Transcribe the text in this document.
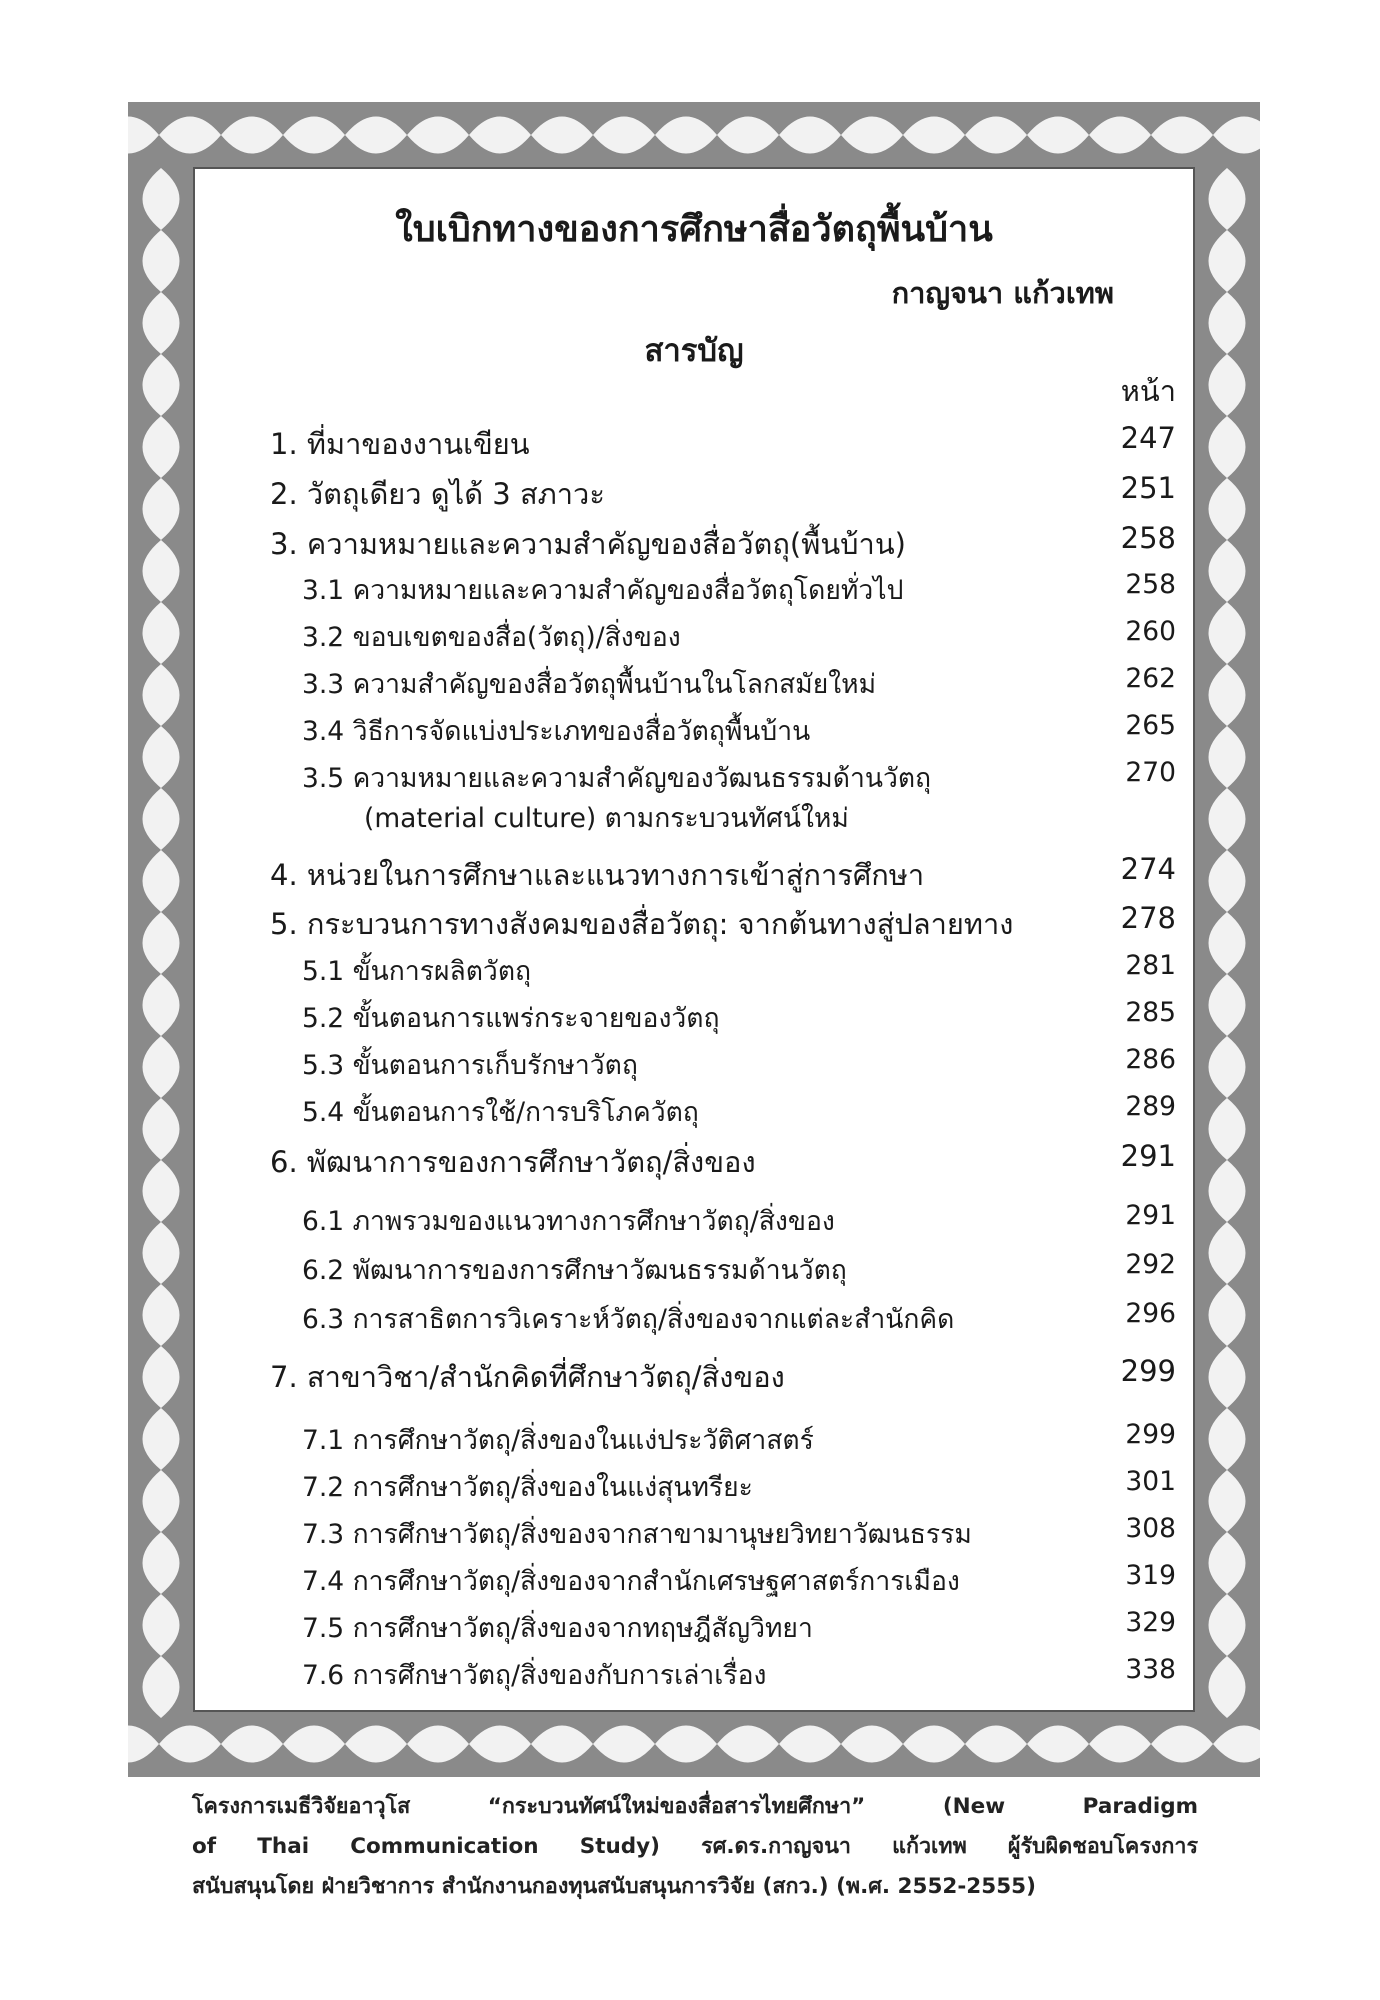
ใบเบิกทางของการศึกษาสื่อวัตถุพื้นบ้าน
กาญจนา แก้วเทพ
สารบัญ
หน้า
1. ที่มาของงานเขียน	247
2. วัตถุเดียว ดูได้ 3 สภาวะ	251
3. ความหมายและความสำคัญของสื่อวัตถุ(พื้นบ้าน)	258
3.1 ความหมายและความสำคัญของสื่อวัตถุโดยทั่วไป	258
3.2 ขอบเขตของสื่อ(วัตถุ)/สิ่งของ	260
3.3 ความสำคัญของสื่อวัตถุพื้นบ้านในโลกสมัยใหม่	262
3.4 วิธีการจัดแบ่งประเภทของสื่อวัตถุพื้นบ้าน	265
3.5 ความหมายและความสำคัญของวัฒนธรรมด้านวัตถุ	270
(material culture) ตามกระบวนทัศน์ใหม่
4. หน่วยในการศึกษาและแนวทางการเข้าสู่การศึกษา	274
5. กระบวนการทางสังคมของสื่อวัตถุ: จากต้นทางสู่ปลายทาง	278
5.1 ขั้นการผลิตวัตถุ	281
5.2 ขั้นตอนการแพร่กระจายของวัตถุ	285
5.3 ขั้นตอนการเก็บรักษาวัตถุ	286
5.4 ขั้นตอนการใช้/การบริโภควัตถุ	289
6. พัฒนาการของการศึกษาวัตถุ/สิ่งของ	291
6.1 ภาพรวมของแนวทางการศึกษาวัตถุ/สิ่งของ	291
6.2 พัฒนาการของการศึกษาวัฒนธรรมด้านวัตถุ	292
6.3 การสาธิตการวิเคราะห์วัตถุ/สิ่งของจากแต่ละสำนักคิด	296
7. สาขาวิชา/สำนักคิดที่ศึกษาวัตถุ/สิ่งของ	299
7.1 การศึกษาวัตถุ/สิ่งของในแง่ประวัติศาสตร์	299
7.2 การศึกษาวัตถุ/สิ่งของในแง่สุนทรียะ	301
7.3 การศึกษาวัตถุ/สิ่งของจากสาขามานุษยวิทยาวัฒนธรรม	308
7.4 การศึกษาวัตถุ/สิ่งของจากสำนักเศรษฐศาสตร์การเมือง	319
7.5 การศึกษาวัตถุ/สิ่งของจากทฤษฎีสัญวิทยา	329
7.6 การศึกษาวัตถุ/สิ่งของกับการเล่าเรื่อง	338
โครงการเมธีวิจัยอาวุโส “กระบวนทัศน์ใหม่ของสื่อสารไทยศึกษา” (New Paradigm
of Thai Communication Study) รศ.ดร.กาญจนา แก้วเทพ ผู้รับผิดชอบโครงการ
สนับสนุนโดย ฝ่ายวิชาการ สำนักงานกองทุนสนับสนุนการวิจัย (สกว.) (พ.ศ. 2552-2555)
